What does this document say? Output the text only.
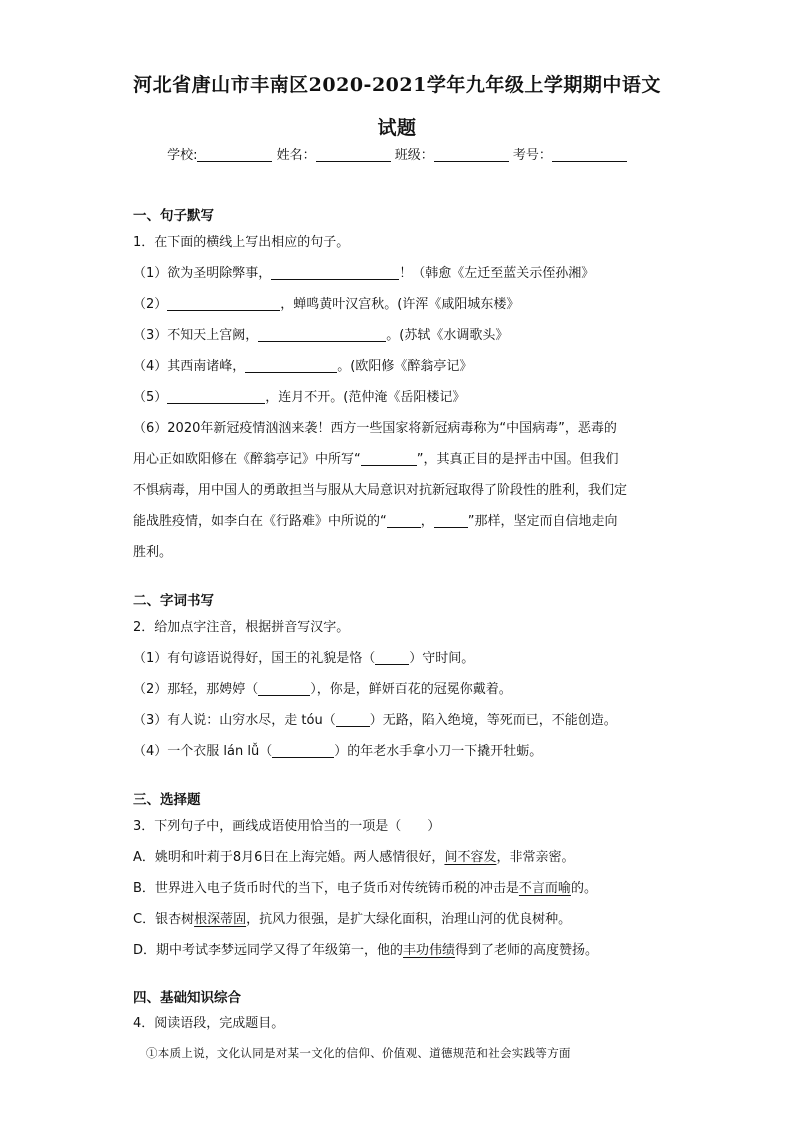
河北省唐山市丰南区2020-2021学年九年级上学期期中语文
试题
学校:	姓名：	班级：	考号：
一、句子默写
1．在下面的横线上写出相应的句子。
（1）欲为圣明除弊事，	！（韩愈《左迁至蓝关示侄孙湘》
（2）	，蝉鸣黄叶汉宫秋。(许浑《咸阳城东楼》
（3）不知天上宫阙，	。(苏轼《水调歌头》
（4）其西南诸峰，	。(欧阳修《醉翁亭记》
（5）	，连月不开。(范仲淹《岳阳楼记》
（6）2020年新冠疫情汹汹来袭！西方一些国家将新冠病毒称为“中国病毒”，恶毒的
用心正如欧阳修在《醉翁亭记》中所写“	”，其真正目的是抨击中国。但我们
不惧病毒，用中国人的勇敢担当与服从大局意识对抗新冠取得了阶段性的胜利，我们定
能战胜疫情，如李白在《行路难》中所说的“	，	”那样，坚定而自信地走向
胜利。
二、字词书写
2．给加点字注音，根据拼音写汉字。
（1）有句谚语说得好，国王的礼貌是恪（	）守时间。
（2）那轻，那娉婷（	），你是，鲜妍百花的冠冕你戴着。
（3）有人说：山穷水尽，走 tóu（	）无路，陷入绝境，等死而已，不能创造。
（4）一个衣服 lán lǚ（	）的年老水手拿小刀一下撬开牡蛎。
三、选择题
3．下列句子中，画线成语使用恰当的一项是（　　）
A．姚明和叶莉于8月6日在上海完婚。两人感情很好，间不容发，非常亲密。
B．世界进入电子货币时代的当下，电子货币对传统铸币税的冲击是不言而喻的。
C．银杏树根深蒂固，抗风力很强，是扩大绿化面积，治理山河的优良树种。
D．期中考试李梦远同学又得了年级第一，他的丰功伟绩得到了老师的高度赞扬。
四、基础知识综合
4．阅读语段，完成题目。
①本质上说，文化认同是对某一文化的信仰、价值观、道德规范和社会实践等方面
